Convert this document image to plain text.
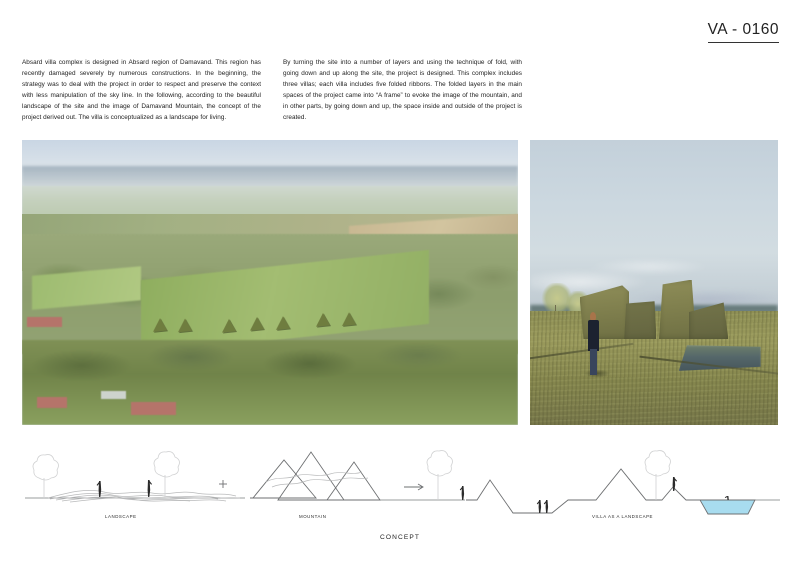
VA - 0160
Absard villa complex is designed in Absard region of Damavand. This region has recently damaged severely by numerous constructions. In the beginning, the strategy was to deal with the project in order to respect and preserve the context with less manipulation of the sky line. In the following, according to the beautiful landscape of the site and the image of Damavand Mountain, the concept of the project derived out. The villa is conceptualized as a landscape for living.
By turning the site into a number of layers and using the technique of fold, with going down and up along the site, the project is designed. This complex includes three villas; each villa includes five folded ribbons. The folded layers in the main spaces of the project came into “A frame” to evoke the image of the mountain, and in other parts, by going down and up, the space inside and outside of the project is created.
LANDSCAPE	MOUNTAIN	VILLA AS A LANDSCAPE
CONCEPT
